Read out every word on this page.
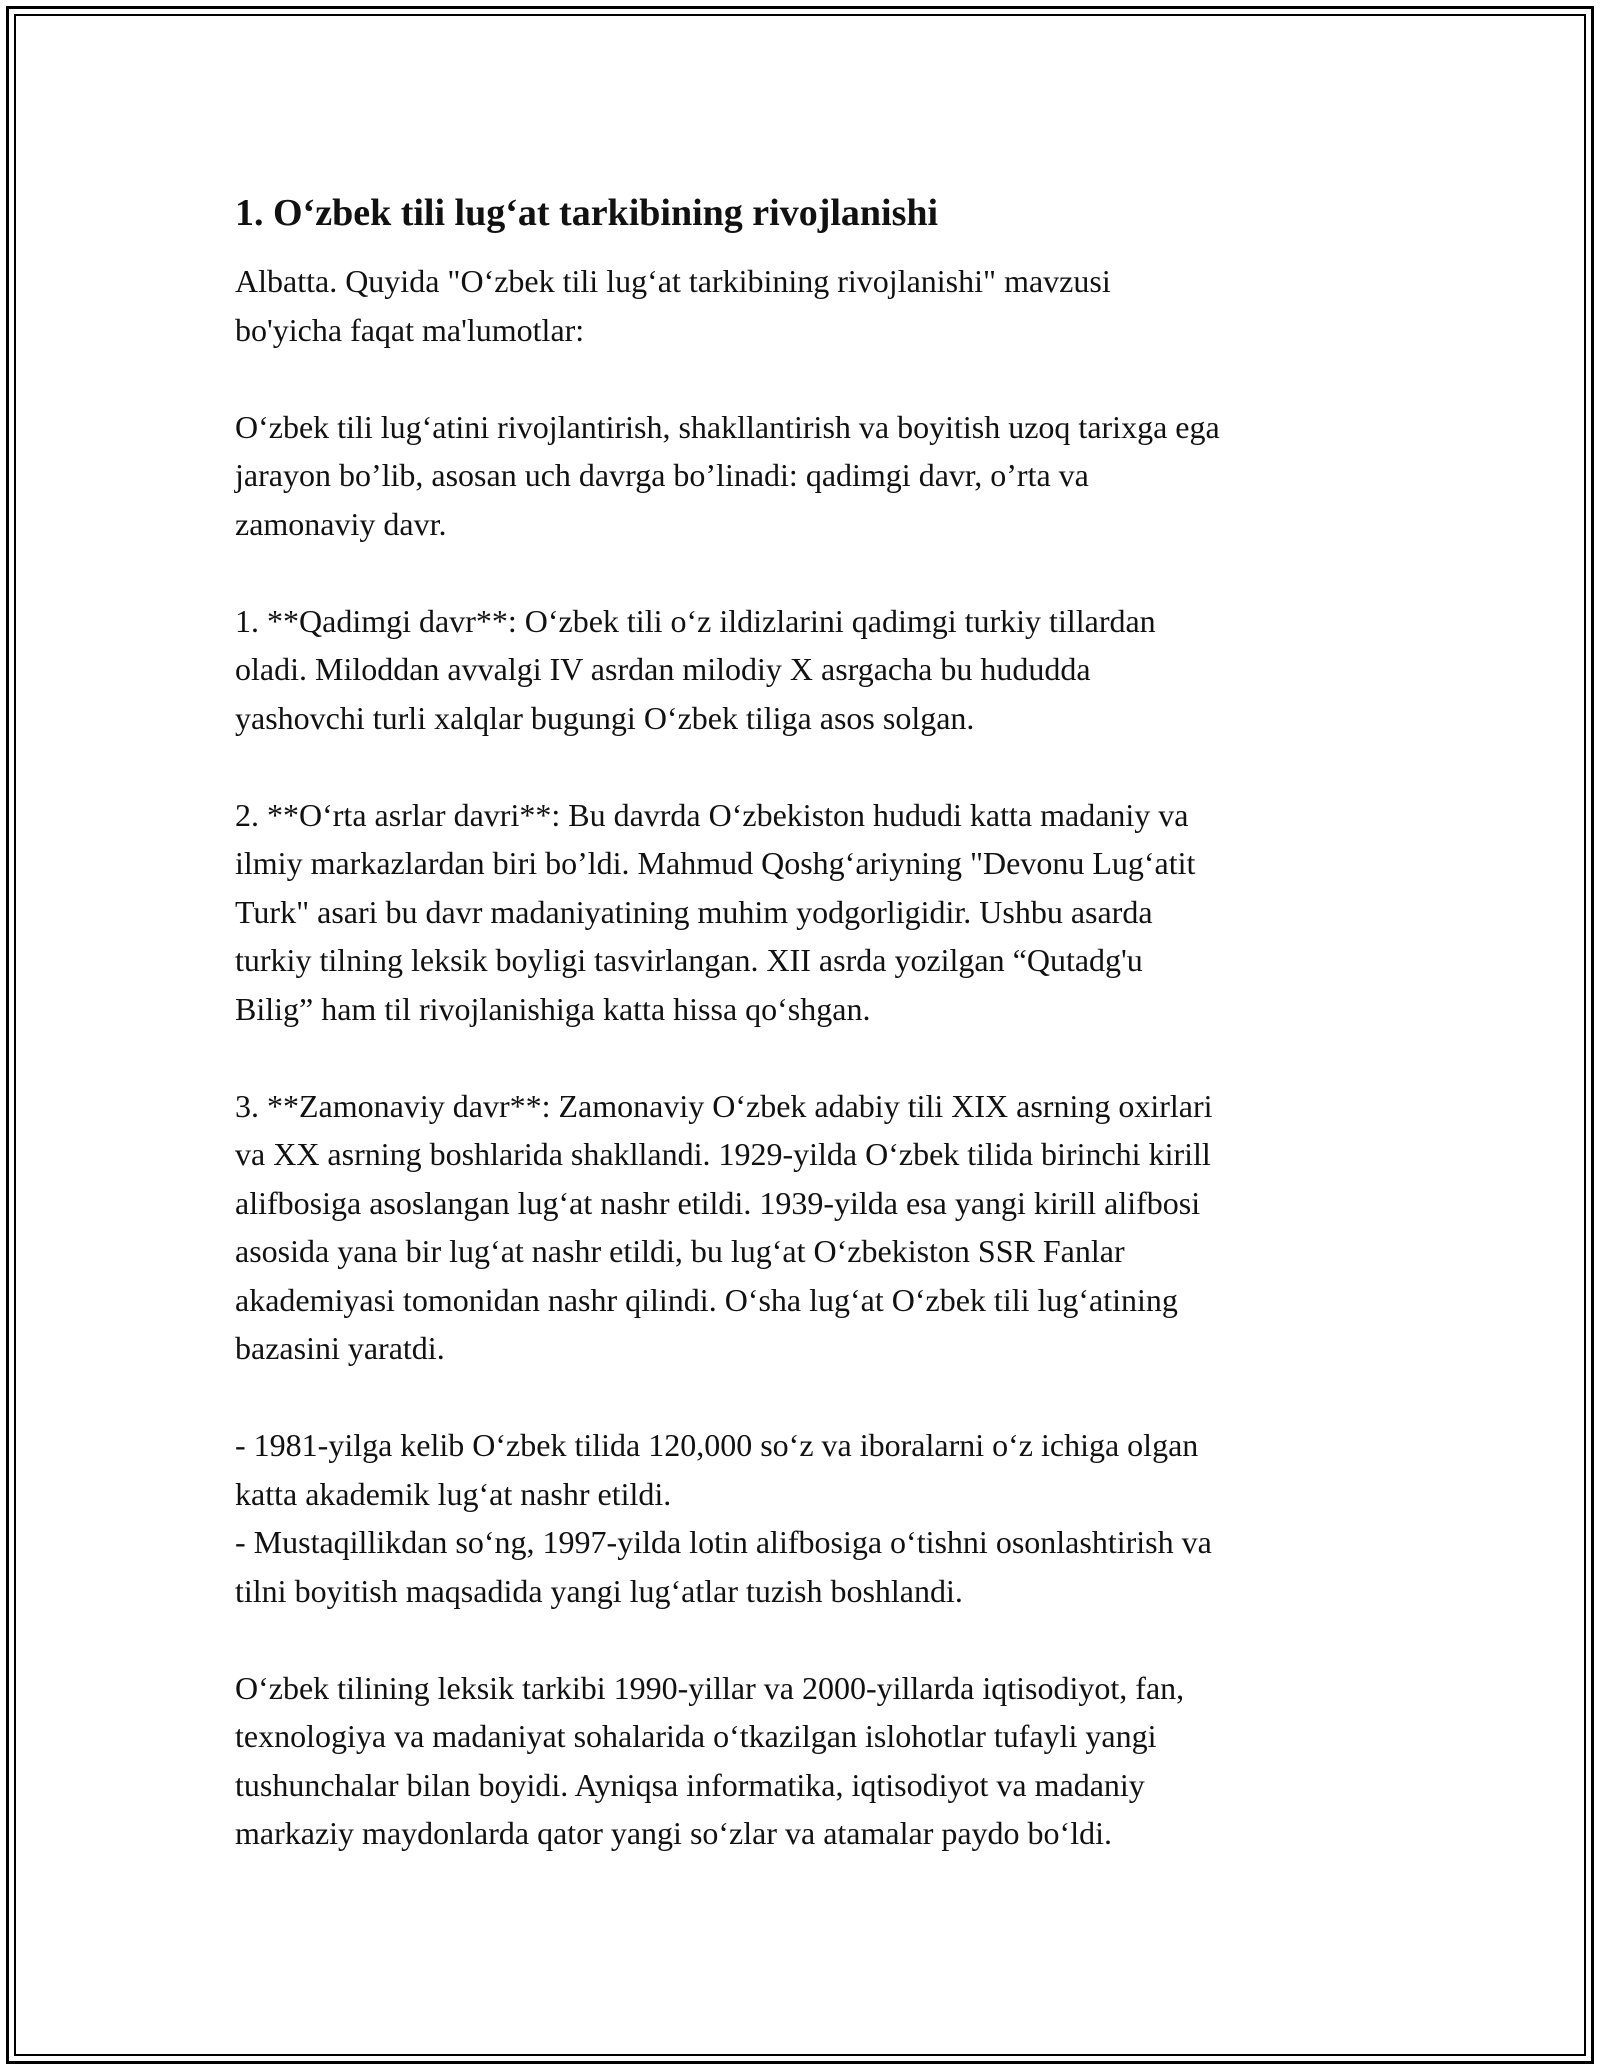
1. O‘zbek tili lug‘at tarkibining rivojlanishi

Albatta. Quyida "O‘zbek tili lug‘at tarkibining rivojlanishi" mavzusi
bo'yicha faqat ma'lumotlar:

O‘zbek tili lug‘atini rivojlantirish, shakllantirish va boyitish uzoq tarixga ega
jarayon bo’lib, asosan uch davrga bo’linadi: qadimgi davr, o’rta va
zamonaviy davr.

1. **Qadimgi davr**: O‘zbek tili o‘z ildizlarini qadimgi turkiy tillardan
oladi. Miloddan avvalgi IV asrdan milodiy X asrgacha bu hududda
yashovchi turli xalqlar bugungi O‘zbek tiliga asos solgan.

2. **O‘rta asrlar davri**: Bu davrda O‘zbekiston hududi katta madaniy va
ilmiy markazlardan biri bo’ldi. Mahmud Qoshg‘ariyning "Devonu Lug‘atit
Turk" asari bu davr madaniyatining muhim yodgorligidir. Ushbu asarda
turkiy tilning leksik boyligi tasvirlangan. XII asrda yozilgan “Qutadg'u
Bilig” ham til rivojlanishiga katta hissa qo‘shgan.

3. **Zamonaviy davr**: Zamonaviy O‘zbek adabiy tili XIX asrning oxirlari
va XX asrning boshlarida shakllandi. 1929-yilda O‘zbek tilida birinchi kirill
alifbosiga asoslangan lug‘at nashr etildi. 1939-yilda esa yangi kirill alifbosi
asosida yana bir lug‘at nashr etildi, bu lug‘at O‘zbekiston SSR Fanlar
akademiyasi tomonidan nashr qilindi. O‘sha lug‘at O‘zbek tili lug‘atining
bazasini yaratdi.

- 1981-yilga kelib O‘zbek tilida 120,000 so‘z va iboralarni o‘z ichiga olgan
katta akademik lug‘at nashr etildi.
- Mustaqillikdan so‘ng, 1997-yilda lotin alifbosiga o‘tishni osonlashtirish va
tilni boyitish maqsadida yangi lug‘atlar tuzish boshlandi.

O‘zbek tilining leksik tarkibi 1990-yillar va 2000-yillarda iqtisodiyot, fan,
texnologiya va madaniyat sohalarida o‘tkazilgan islohotlar tufayli yangi
tushunchalar bilan boyidi. Ayniqsa informatika, iqtisodiyot va madaniy
markaziy maydonlarda qator yangi so‘zlar va atamalar paydo bo‘ldi.
